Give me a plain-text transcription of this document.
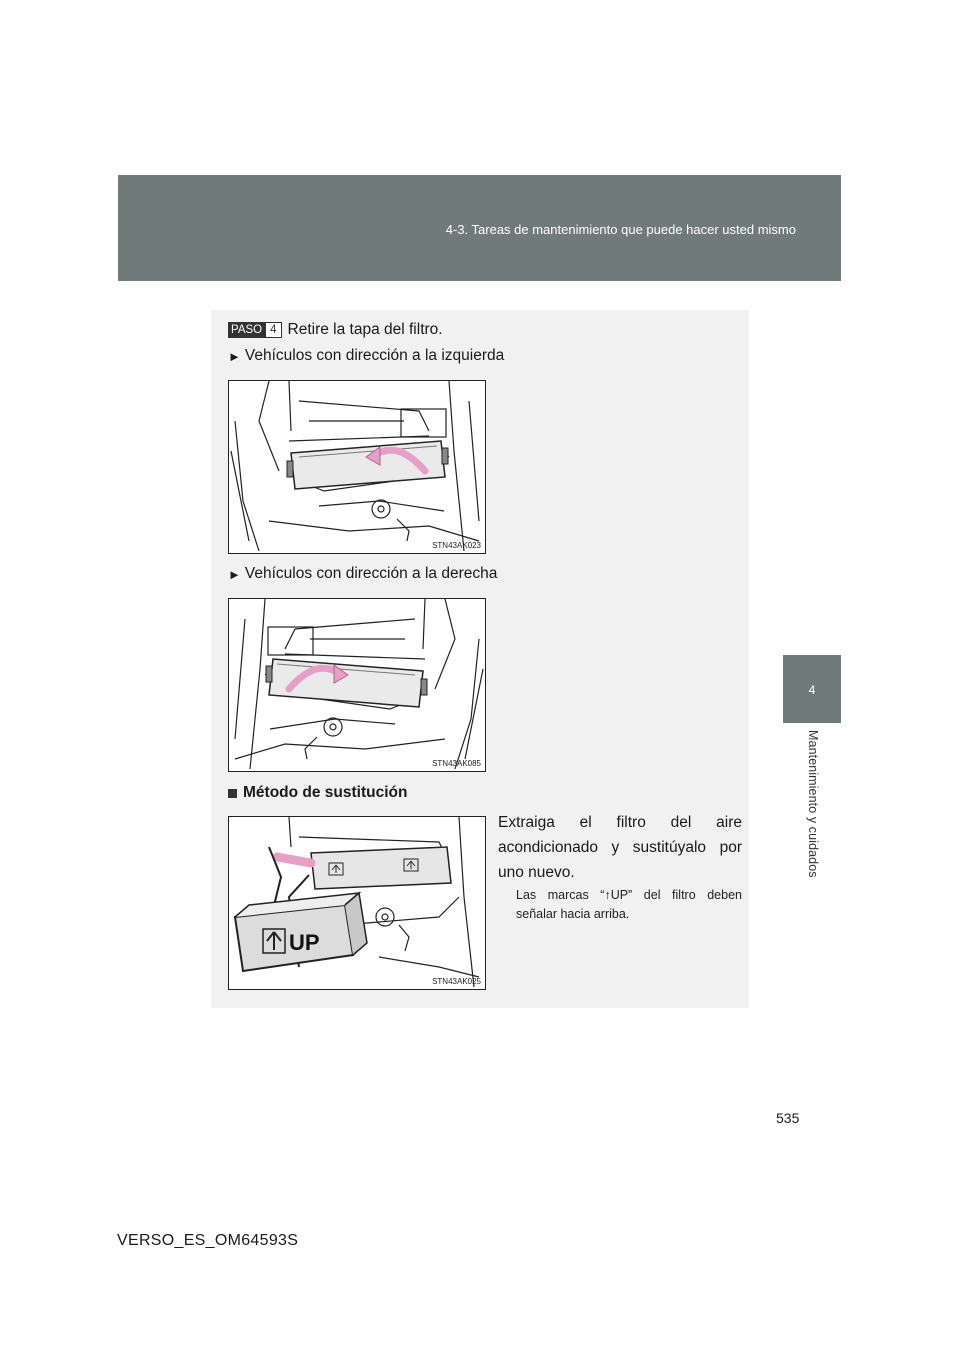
4-3. Tareas de mantenimiento que puede hacer usted mismo
4
Mantenimiento y cuidados
PASO 4 Retire la tapa del filtro.
► Vehículos con dirección a la izquierda
STN43AK023
► Vehículos con dirección a la derecha
STN43AK085
Método de sustitución
UP
STN43AK025
Extraiga el filtro del aire acondicionado y sustitúyalo por uno nuevo.
Las marcas “↑UP” del filtro deben señalar hacia arriba.
535
VERSO_ES_OM64593S
